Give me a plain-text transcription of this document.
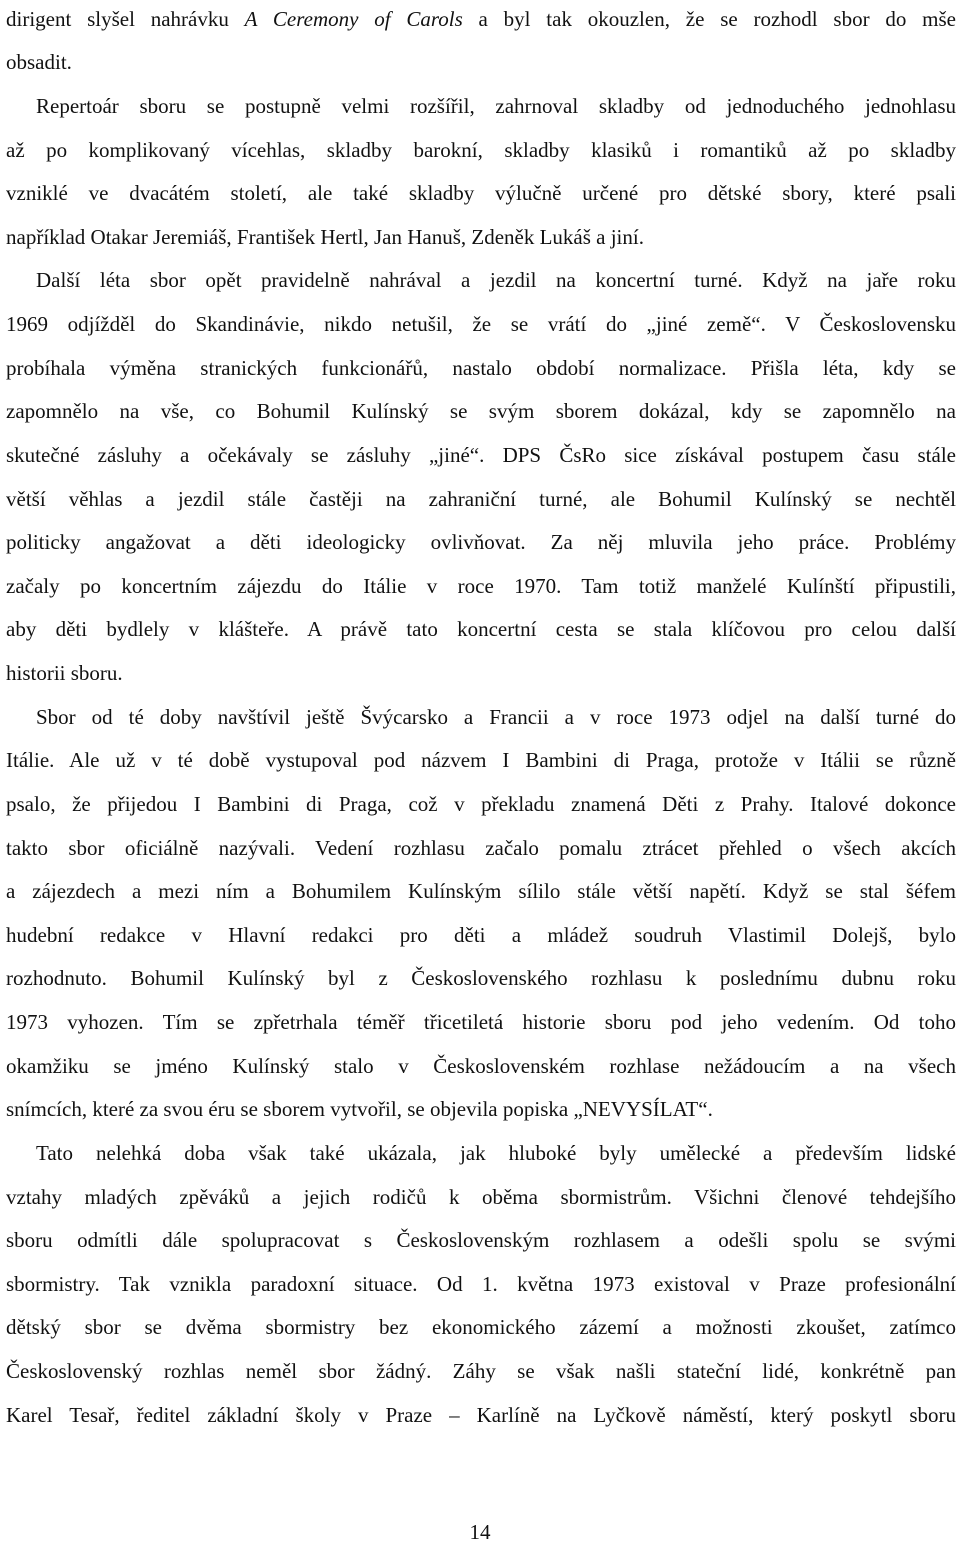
dirigent slyšel nahrávku A Ceremony of Carols a byl tak okouzlen, že se rozhodl sbor do mše
obsadit.
Repertoár sboru se postupně velmi rozšířil, zahrnoval skladby od jednoduchého jednohlasu
až po komplikovaný vícehlas, skladby barokní, skladby klasiků i romantiků až po skladby
vzniklé ve dvacátém století, ale také skladby výlučně určené pro dětské sbory, které psali
například Otakar Jeremiáš, František Hertl, Jan Hanuš, Zdeněk Lukáš a jiní.
Další léta sbor opět pravidelně nahrával a jezdil na koncertní turné. Když na jaře roku
1969 odjížděl do Skandinávie, nikdo netušil, že se vrátí do „jiné země“. V Československu
probíhala výměna stranických funkcionářů, nastalo období normalizace. Přišla léta, kdy se
zapomnělo na vše, co Bohumil Kulínský se svým sborem dokázal, kdy se zapomnělo na
skutečné zásluhy a očekávaly se zásluhy „jiné“. DPS ČsRo sice získával postupem času stále
větší věhlas a jezdil stále častěji na zahraniční turné, ale Bohumil Kulínský se nechtěl
politicky angažovat a děti ideologicky ovlivňovat. Za něj mluvila jeho práce. Problémy
začaly po koncertním zájezdu do Itálie v roce 1970. Tam totiž manželé Kulínští připustili,
aby děti bydlely v klášteře. A právě tato koncertní cesta se stala klíčovou pro celou další
historii sboru.
Sbor od té doby navštívil ještě Švýcarsko a Francii a v roce 1973 odjel na další turné do
Itálie. Ale už v té době vystupoval pod názvem I Bambini di Praga, protože v Itálii se různě
psalo, že přijedou I Bambini di Praga, což v překladu znamená Děti z Prahy. Italové dokonce
takto sbor oficiálně nazývali. Vedení rozhlasu začalo pomalu ztrácet přehled o všech akcích
a zájezdech a mezi ním a Bohumilem Kulínským sílilo stále větší napětí. Když se stal šéfem
hudební redakce v Hlavní redakci pro děti a mládež soudruh Vlastimil Dolejš, bylo
rozhodnuto. Bohumil Kulínský byl z Československého rozhlasu k poslednímu dubnu roku
1973 vyhozen. Tím se zpřetrhala téměř třicetiletá historie sboru pod jeho vedením. Od toho
okamžiku se jméno Kulínský stalo v Československém rozhlase nežádoucím a na všech
snímcích, které za svou éru se sborem vytvořil, se objevila popiska „NEVYSÍLAT“.
Tato nelehká doba však také ukázala, jak hluboké byly umělecké a především lidské
vztahy mladých zpěváků a jejich rodičů k oběma sbormistrům. Všichni členové tehdejšího
sboru odmítli dále spolupracovat s Československým rozhlasem a odešli spolu se svými
sbormistry. Tak vznikla paradoxní situace. Od 1. května 1973 existoval v Praze profesionální
dětský sbor se dvěma sbormistry bez ekonomického zázemí a možnosti zkoušet, zatímco
Československý rozhlas neměl sbor žádný. Záhy se však našli stateční lidé, konkrétně pan
Karel Tesař, ředitel základní školy v Praze – Karlíně na Lyčkově náměstí, který poskytl sboru
14
